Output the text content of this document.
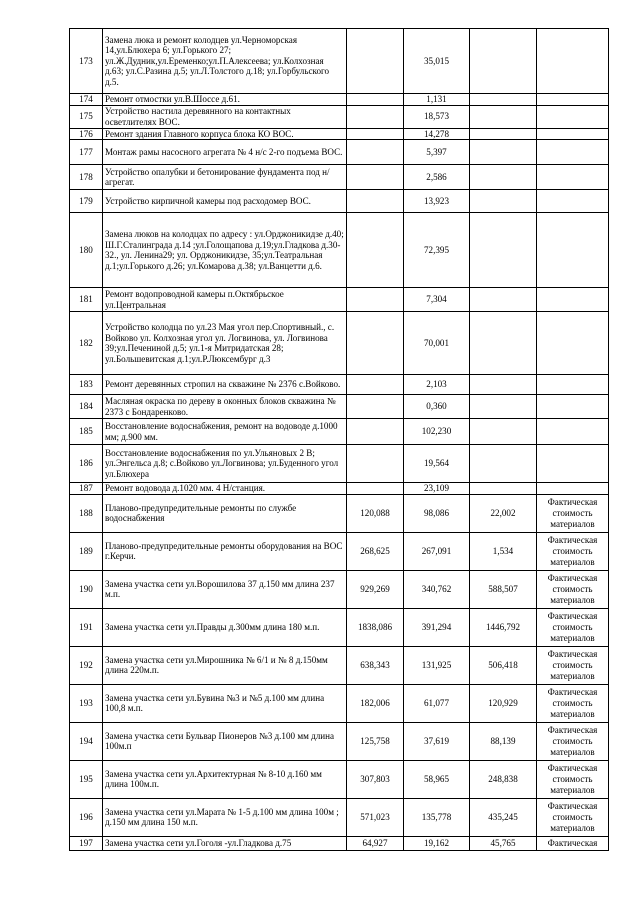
173	Замена люка и ремонт колодцев ул.Черноморская 14,ул.Блюхера 6; ул.Горького 27; ул.Ж.Дудник,ул.Еременко;ул.П.Алексеева; ул.Колхозная д.63; ул.С.Разина д.5; ул.Л.Толстого д.18; ул.Горбульского д.5.		35,015		
174	Ремонт отмостки ул.В.Шоссе д.61.		1,131		
175	Устройство настила деревянного на контактных осветлителях ВОС.		18,573		
176	Ремонт здания Главного корпуса блока КО ВОС.		14,278		
177	Монтаж рамы насосного агрегата № 4 н/с 2-го подъема ВОС.		5,397		
178	Устройство опалубки и бетонирование фундамента под н/агрегат.		2,586		
179	Устройство кирпичной камеры под расходомер ВОС.		13,923		
180	Замена люков на колодцах по адресу : ул.Орджоникидзе д.40; Ш.Г.Сталинграда д.14 ;ул.Голощапова д.19;ул.Гладкова д.30-32., ул. Ленина29; ул. Орджоникидзе, 35;ул.Театральная д.1;ул.Горького д.26; ул.Комарова д.38; ул.Ванцетти д.6.		72,395		
181	Ремонт водопроводной камеры п.Октябрьское ул.Центральная		7,304		
182	Устройство колодца по ул.23 Мая угол пер.Спортивный., с. Войково ул. Колхозная угол ул. Логвинова, ул. Логвинова 39;ул.Печениной д.5; ул.1-я Митридатская 28; ул.Большевитская д.1;ул.Р.Люксембург д.3		70,001		
183	Ремонт деревянных стропил на скважине № 2376 с.Войково.		2,103		
184	Масляная окраска по дереву в оконных блоков скважина № 2373 с Бондаренково.		0,360		
185	Восстановление водоснабжения, ремонт на водоводе д.1000 мм; д.900 мм.		102,230		
186	Восстановление водоснабжения по ул.Ульяновых 2 В; ул.Энгельса д.8; с.Войково ул.Логвинова; ул.Буденного угол ул.Блюхера		19,564		
187	Ремонт водовода д.1020 мм. 4 Н/станция.		23,109		
188	Планово-предупредительные ремонты по службе водоснабжения	120,088	98,086	22,002	Фактическая стоимость материалов
189	Планово-предупредительные ремонты оборудования на ВОС г.Керчи.	268,625	267,091	1,534	Фактическая стоимость материалов
190	Замена участка сети ул.Ворошилова 37 д.150 мм длина 237 м.п.	929,269	340,762	588,507	Фактическая стоимость материалов
191	Замена участка сети ул.Правды д.300мм длина 180 м.п.	1838,086	391,294	1446,792	Фактическая стоимость материалов
192	Замена участка сети ул.Мирошника № 6/1 и № 8 д.150мм длина 220м.п.	638,343	131,925	506,418	Фактическая стоимость материалов
193	Замена участка сети ул.Бувина №3 и №5 д.100 мм длина 100,8 м.п.	182,006	61,077	120,929	Фактическая стоимость материалов
194	Замена участка сети Бульвар Пионеров №3 д.100 мм длина 100м.п	125,758	37,619	88,139	Фактическая стоимость материалов
195	Замена участка сети ул.Архитектурная № 8-10 д.160 мм длина 100м.п.	307,803	58,965	248,838	Фактическая стоимость материалов
196	Замена участка сети ул.Марата № 1-5 д.100 мм длина 100м ; д.150 мм длина 150 м.п.	571,023	135,778	435,245	Фактическая стоимость материалов
197	Замена участка сети ул.Гоголя -ул.Гладкова д.75	64,927	19,162	45,765	Фактическая
